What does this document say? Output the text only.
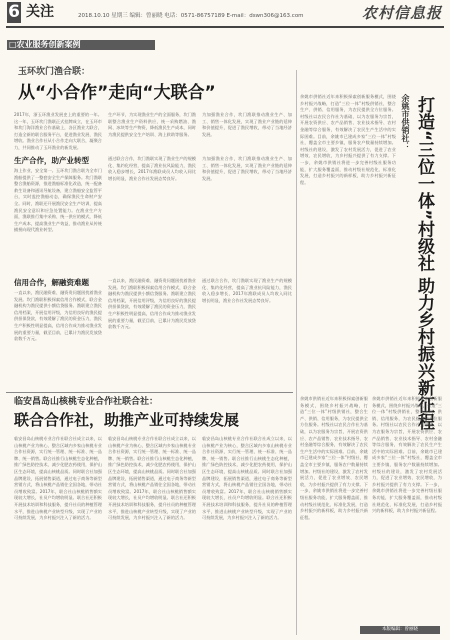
6 关注	2018.10.10 星期三 编辑：曾丽晓 电话：0571-86757189 E-mail：dswn306@163.com	农村信息报
□农业服务创新案例
玉环坎门渔合联：
从“小合作”走向“大联合”
2017年，浙玉环渔业发展史上的重要的一年。这一年，玉环坎门渔联正式挂牌成立，在玉环市和坎门海洋渔业合作基础上，各区渔业大联合，打造全新的联合服务平台，促进渔业发展、渔民增收。渔业合作社从小合作走向大联合，凝聚合力，共同推动了玉环渔业的新发展。
生产环节，为实现渔业生产的全面服务，坎门渔联整合渔业生产资料供应，统一采购燃油、渔网、冰块等生产物资，降低渔民生产成本，同时为渔民提供安全生产培训、海上救助等服务。
为加强渔业合作，坎门渔联推动渔业生产、加工、销售一体化发展，实现了渔业产业链的延伸和价值提升，促进了渔民增收，带动了当地经济发展。
生产合作，助产业转型
海上作业，安全第一。玉环坎门渔合联为全市门渔船提供了一整套安全生产保障服务。坎门渔联整合渔船资源，推进渔船标准化改造，统一配备救生设备和通讯导航设备，建立渔船安全监管平台，实时监控渔船动态，确保渔民生命财产安全。同时，渔联还开展渔民安全生产培训，提高渔民安全意识和应急处置能力。在渔业生产方面，渔联推行集中采购、统一供应的模式，降低生产成本，提高渔业生产效益，推动渔业从传统捕捞向现代渔业转型。
通过联合合作，坎门渔联实现了渔业生产的规模化、集约化经营，提高了渔业抗风险能力，渔民收入稳步增长，2017年渔联成员人均收入同比增长明显，渔业合作社发展态势良好。
为加强渔业合作，坎门渔联推动渔业生产、加工、销售一体化发展，实现了渔业产业链的延伸和价值提升，促进了渔民增收，带动了当地经济发展。
信用合作，解融资难题
一直以来，渔民融资难、融资贵问题困扰着渔业发展。坎门渔联积极探索信用合作模式，联合金融机构为渔民提供小额信贷服务。渔联建立渔民信用档案，开展信用评级，为信用良好的渔民提供担保贷款，有效缓解了渔民的资金压力，渔民生产积极性明显提高，信用合作成为推动渔业发展的重要力量，截至目前，已累计为渔民发放贷款数千万元。
一直以来，渔民融资难、融资贵问题困扰着渔业发展。坎门渔联积极探索信用合作模式，联合金融机构为渔民提供小额信贷服务。渔联建立渔民信用档案，开展信用评级，为信用良好的渔民提供担保贷款，有效缓解了渔民的资金压力，渔民生产积极性明显提高，信用合作成为推动渔业发展的重要力量，截至目前，已累计为渔民发放贷款数千万元。
通过联合合作，坎门渔联实现了渔业生产的规模化、集约化经营，提高了渔业抗风险能力，渔民收入稳步增长，2017年渔联成员人均收入同比增长明显，渔业合作社发展态势良好。
临安昌岛山核桃专业合作社联合社：
联合合作社，助推产业可持续发展
临安昌岛山核桃专业合作社联合社成立以来，以山核桃产业为核心，整合区域内多家山核桃专业合作社资源，实行统一管理、统一标准、统一品牌、统一销售。联合社推行山核桃生态化种植，推广绿色防控技术，减少化肥农药使用，保护山区生态环境，提高山核桃品质。同时联合社加强品牌建设，拓展销售渠道，通过电子商务等新型营销方式，将山核桃产品销往全国各地，带动社员增收致富。2017年，联合社山核桃销售额实现较大增长，社员户均增收明显。联合社还积极开展技术培训和科技服务，提升社员的种植管理水平，推进山核桃产业转型升级，实现了产业的可持续发展，为乡村振兴注入了新的活力。
临安昌岛山核桃专业合作社联合社成立以来，以山核桃产业为核心，整合区域内多家山核桃专业合作社资源，实行统一管理、统一标准、统一品牌、统一销售。联合社推行山核桃生态化种植，推广绿色防控技术，减少化肥农药使用，保护山区生态环境，提高山核桃品质。同时联合社加强品牌建设，拓展销售渠道，通过电子商务等新型营销方式，将山核桃产品销往全国各地，带动社员增收致富。2017年，联合社山核桃销售额实现较大增长，社员户均增收明显。联合社还积极开展技术培训和科技服务，提升社员的种植管理水平，推进山核桃产业转型升级，实现了产业的可持续发展，为乡村振兴注入了新的活力。
临安昌岛山核桃专业合作社联合社成立以来，以山核桃产业为核心，整合区域内多家山核桃专业合作社资源，实行统一管理、统一标准、统一品牌、统一销售。联合社推行山核桃生态化种植，推广绿色防控技术，减少化肥农药使用，保护山区生态环境，提高山核桃品质。同时联合社加强品牌建设，拓展销售渠道，通过电子商务等新型营销方式，将山核桃产品销往全国各地，带动社员增收致富。2017年，联合社山核桃销售额实现较大增长，社员户均增收明显。联合社还积极开展技术培训和科技服务，提升社员的种植管理水平，推进山核桃产业转型升级，实现了产业的可持续发展，为乡村振兴注入了新的活力。
余姚市供销社： 打造“三位一体”村级社 助力乡村振兴新征程
余姚市供销社近年来积极探索创新服务模式，围绕乡村振兴战略，打造“三位一体”村级供销社，整合生产、供销、信用服务，为农民提供全方位服务。村级社以农民合作社为基础，以为农服务为宗旨，开展农资供应、农产品销售、农业技术指导、农村金融等综合服务，有效解决了农民生产生活中的实际困难。目前，余姚市已建成多家“三位一体”村级社，覆盖全市主要乡镇，服务农户数量持续增加。村级社的建设，激发了农村发展活力，促进了农业增效、农民增收，为乡村振兴提供了有力支撑。下一步，余姚市供销社将进一步完善村级社服务功能，扩大服务覆盖面，推动村级社规范化、标准化发展，打造乡村振兴的新样板，助力乡村振兴新征程。
余姚市供销社近年来积极探索创新服务模式，围绕乡村振兴战略，打造“三位一体”村级供销社，整合生产、供销、信用服务，为农民提供全方位服务。村级社以农民合作社为基础，以为农服务为宗旨，开展农资供应、农产品销售、农业技术指导、农村金融等综合服务，有效解决了农民生产生活中的实际困难。目前，余姚市已建成多家“三位一体”村级社，覆盖全市主要乡镇，服务农户数量持续增加。村级社的建设，激发了农村发展活力，促进了农业增效、农民增收，为乡村振兴提供了有力支撑。下一步，余姚市供销社将进一步完善村级社服务功能，扩大服务覆盖面，推动村级社规范化、标准化发展，打造乡村振兴的新样板，助力乡村振兴新征程。
余姚市供销社近年来积极探索创新服务模式，围绕乡村振兴战略，打造“三位一体”村级供销社，整合生产、供销、信用服务，为农民提供全方位服务。村级社以农民合作社为基础，以为农服务为宗旨，开展农资供应、农产品销售、农业技术指导、农村金融等综合服务，有效解决了农民生产生活中的实际困难。目前，余姚市已建成多家“三位一体”村级社，覆盖全市主要乡镇，服务农户数量持续增加。村级社的建设，激发了农村发展活力，促进了农业增效、农民增收，为乡村振兴提供了有力支撑。下一步，余姚市供销社将进一步完善村级社服务功能，扩大服务覆盖面，推动村级社规范化、标准化发展，打造乡村振兴的新样板，助力乡村振兴新征程。
本版编辑：曾丽晓
